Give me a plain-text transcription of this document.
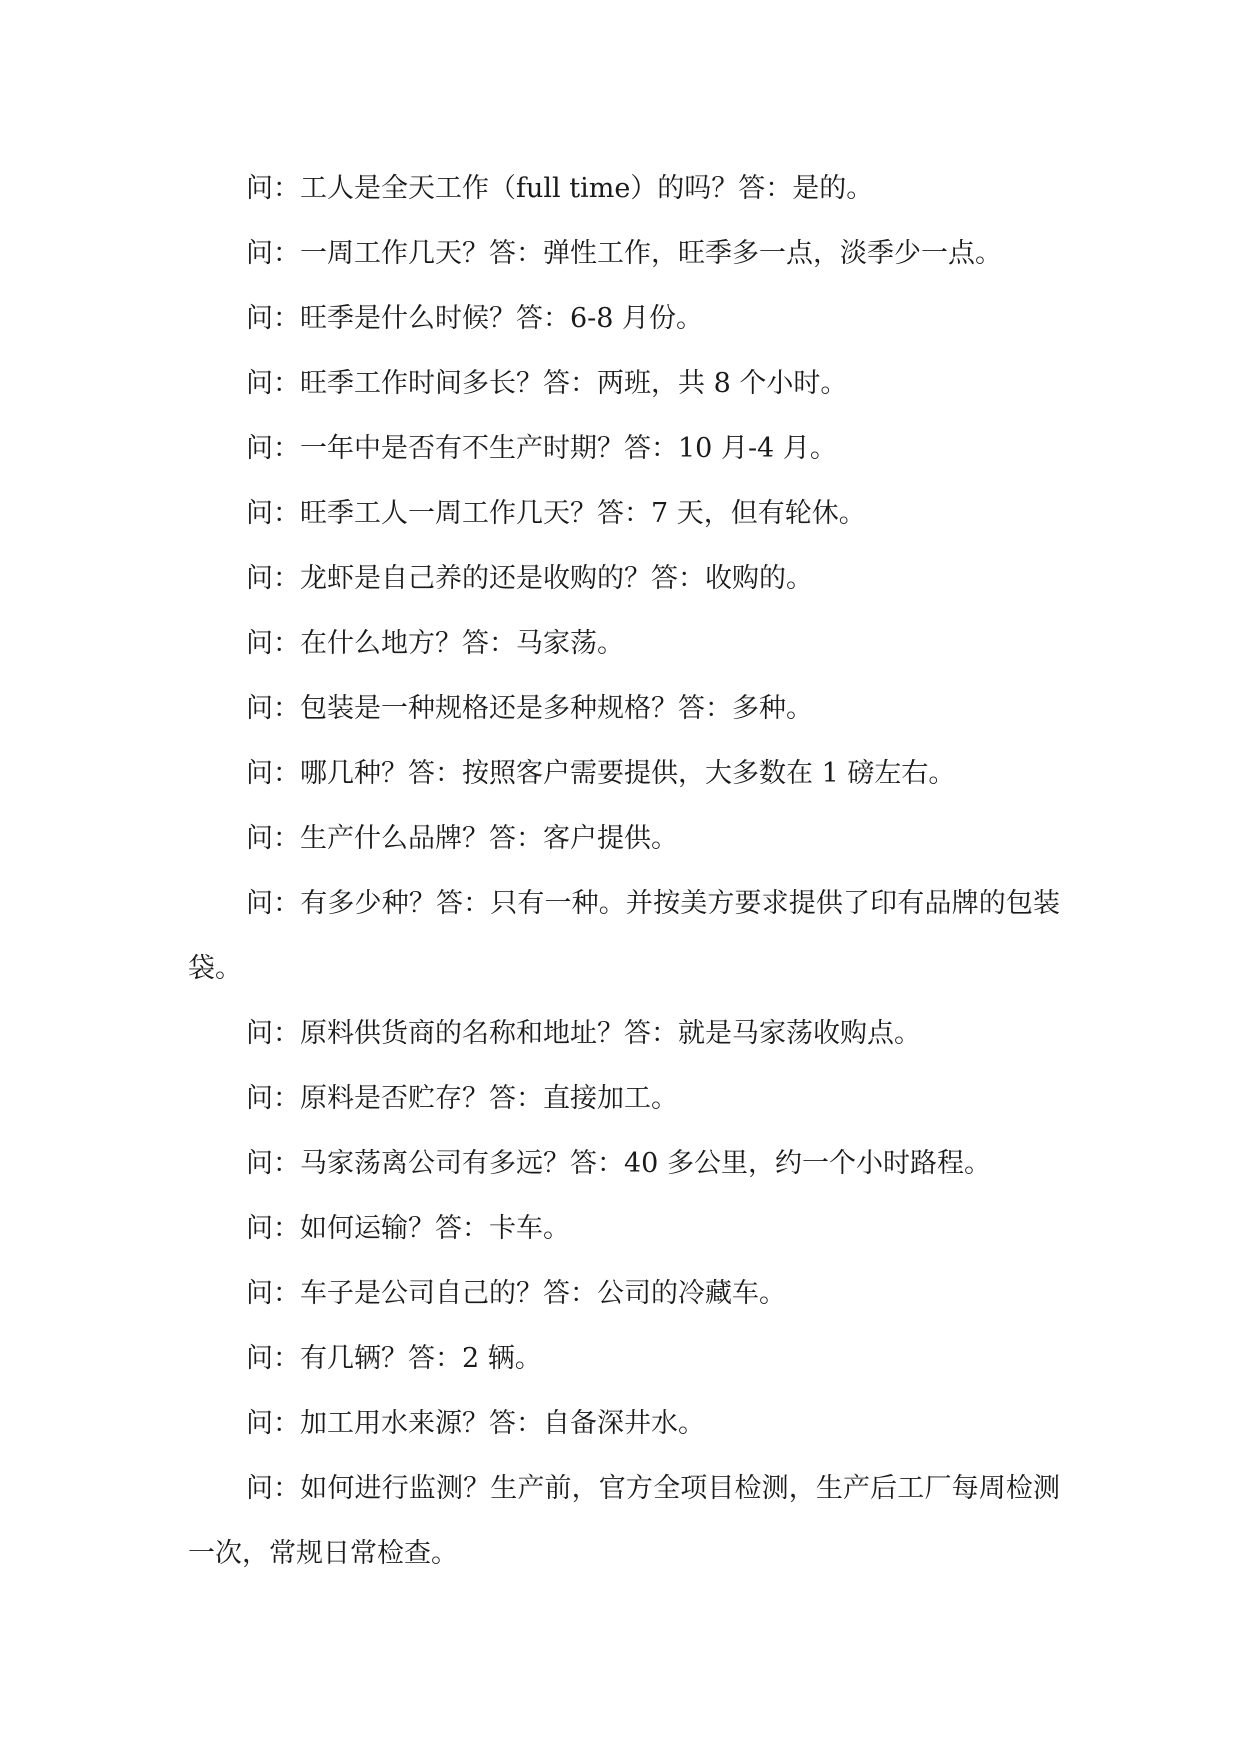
问：工人是全天工作（full time）的吗？答：是的。

问：一周工作几天？答：弹性工作，旺季多一点，淡季少一点。

问：旺季是什么时候？答：6-8 月份。

问：旺季工作时间多长？答：两班，共 8 个小时。

问：一年中是否有不生产时期？答：10 月-4 月。

问：旺季工人一周工作几天？答：7 天，但有轮休。

问：龙虾是自己养的还是收购的？答：收购的。

问：在什么地方？答：马家荡。

问：包装是一种规格还是多种规格？答：多种。

问：哪几种？答：按照客户需要提供，大多数在 1 磅左右。

问：生产什么品牌？答：客户提供。

问：有多少种？答：只有一种。并按美方要求提供了印有品牌的包装袋。

问：原料供货商的名称和地址？答：就是马家荡收购点。

问：原料是否贮存？答：直接加工。

问：马家荡离公司有多远？答：40 多公里，约一个小时路程。

问：如何运输？答：卡车。

问：车子是公司自己的？答：公司的冷藏车。

问：有几辆？答：2 辆。

问：加工用水来源？答：自备深井水。

问：如何进行监测？生产前，官方全项目检测，生产后工厂每周检测一次，常规日常检查。
